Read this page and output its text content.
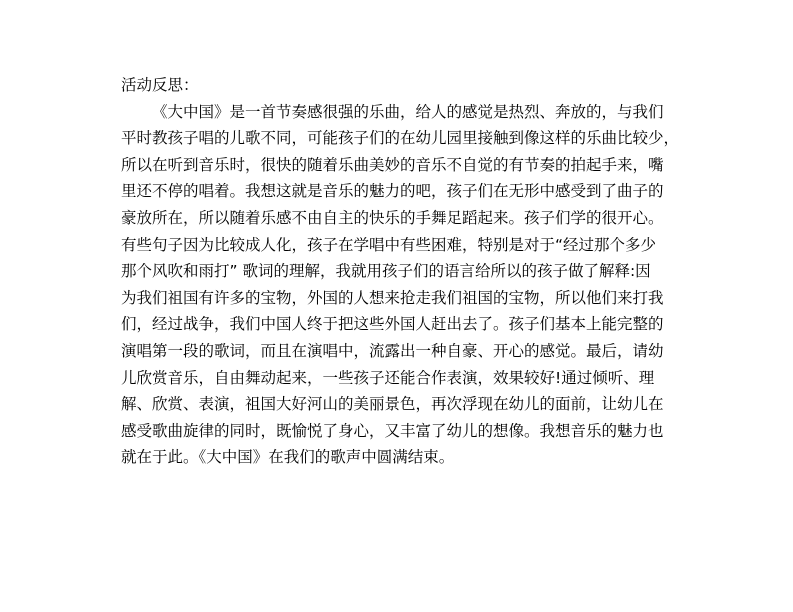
活动反思：
《大中国》是一首节奏感很强的乐曲，给人的感觉是热烈、奔放的，与我们
平时教孩子唱的儿歌不同，可能孩子们的在幼儿园里接触到像这样的乐曲比较少，
所以在听到音乐时，很快的随着乐曲美妙的音乐不自觉的有节奏的拍起手来，嘴
里还不停的唱着。我想这就是音乐的魅力的吧，孩子们在无形中感受到了曲子的
豪放所在，所以随着乐感不由自主的快乐的手舞足蹈起来。孩子们学的很开心。
有些句子因为比较成人化，孩子在学唱中有些困难，特别是对于“经过那个多少
那个风吹和雨打” 歌词的理解，我就用孩子们的语言给所以的孩子做了解释:因
为我们祖国有许多的宝物，外国的人想来抢走我们祖国的宝物，所以他们来打我
们，经过战争，我们中国人终于把这些外国人赶出去了。孩子们基本上能完整的
演唱第一段的歌词，而且在演唱中，流露出一种自豪、开心的感觉。最后，请幼
儿欣赏音乐，自由舞动起来，一些孩子还能合作表演，效果较好!通过倾听、理
解、欣赏、表演，祖国大好河山的美丽景色，再次浮现在幼儿的面前，让幼儿在
感受歌曲旋律的同时，既愉悦了身心，又丰富了幼儿的想像。我想音乐的魅力也
就在于此。《大中国》在我们的歌声中圆满结束。
